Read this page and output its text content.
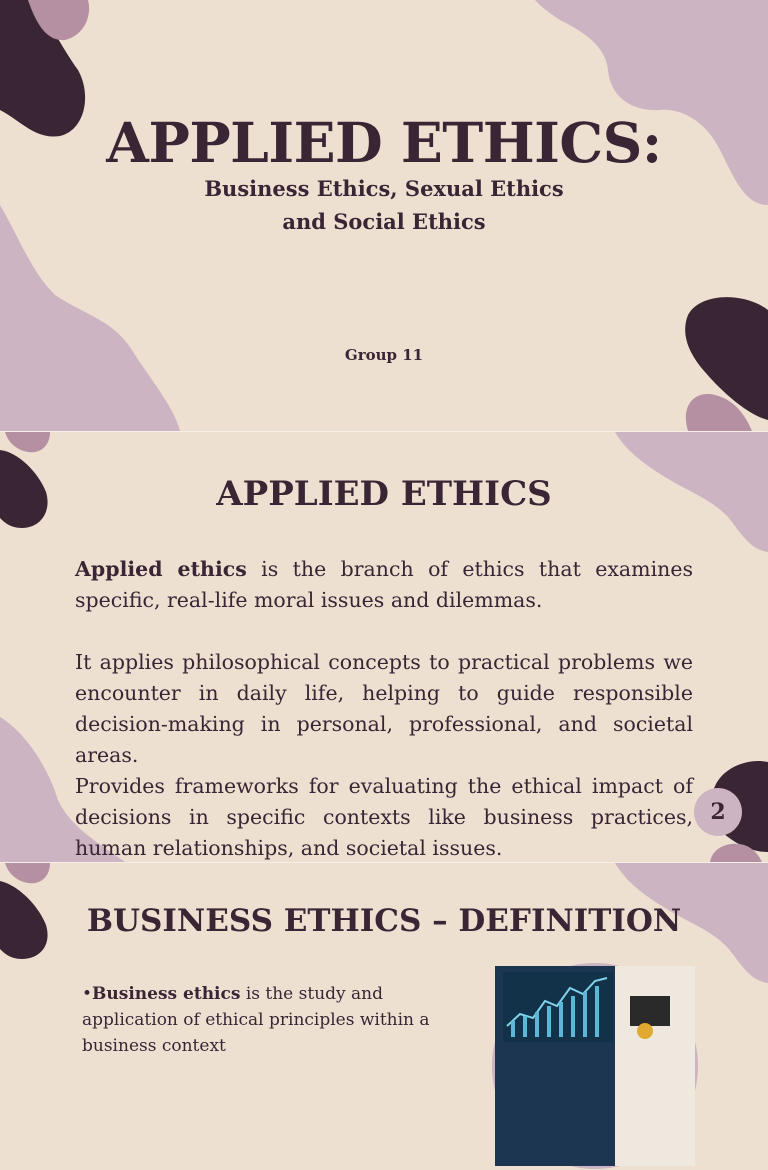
APPLIED ETHICS:
Business Ethics, Sexual Ethics
and Social Ethics
Group 11
APPLIED ETHICS

Applied ethics is the branch of ethics that examines specific, real-life moral issues and dilemmas.

It applies philosophical concepts to practical problems we encounter in daily life, helping to guide responsible decision-making in personal, professional, and societal areas.

Provides frameworks for evaluating the ethical impact of decisions in specific contexts like business practices, human relationships, and societal issues.

2
BUSINESS ETHICS – DEFINITION
•Business ethics is the study and application of ethical principles within a business context
